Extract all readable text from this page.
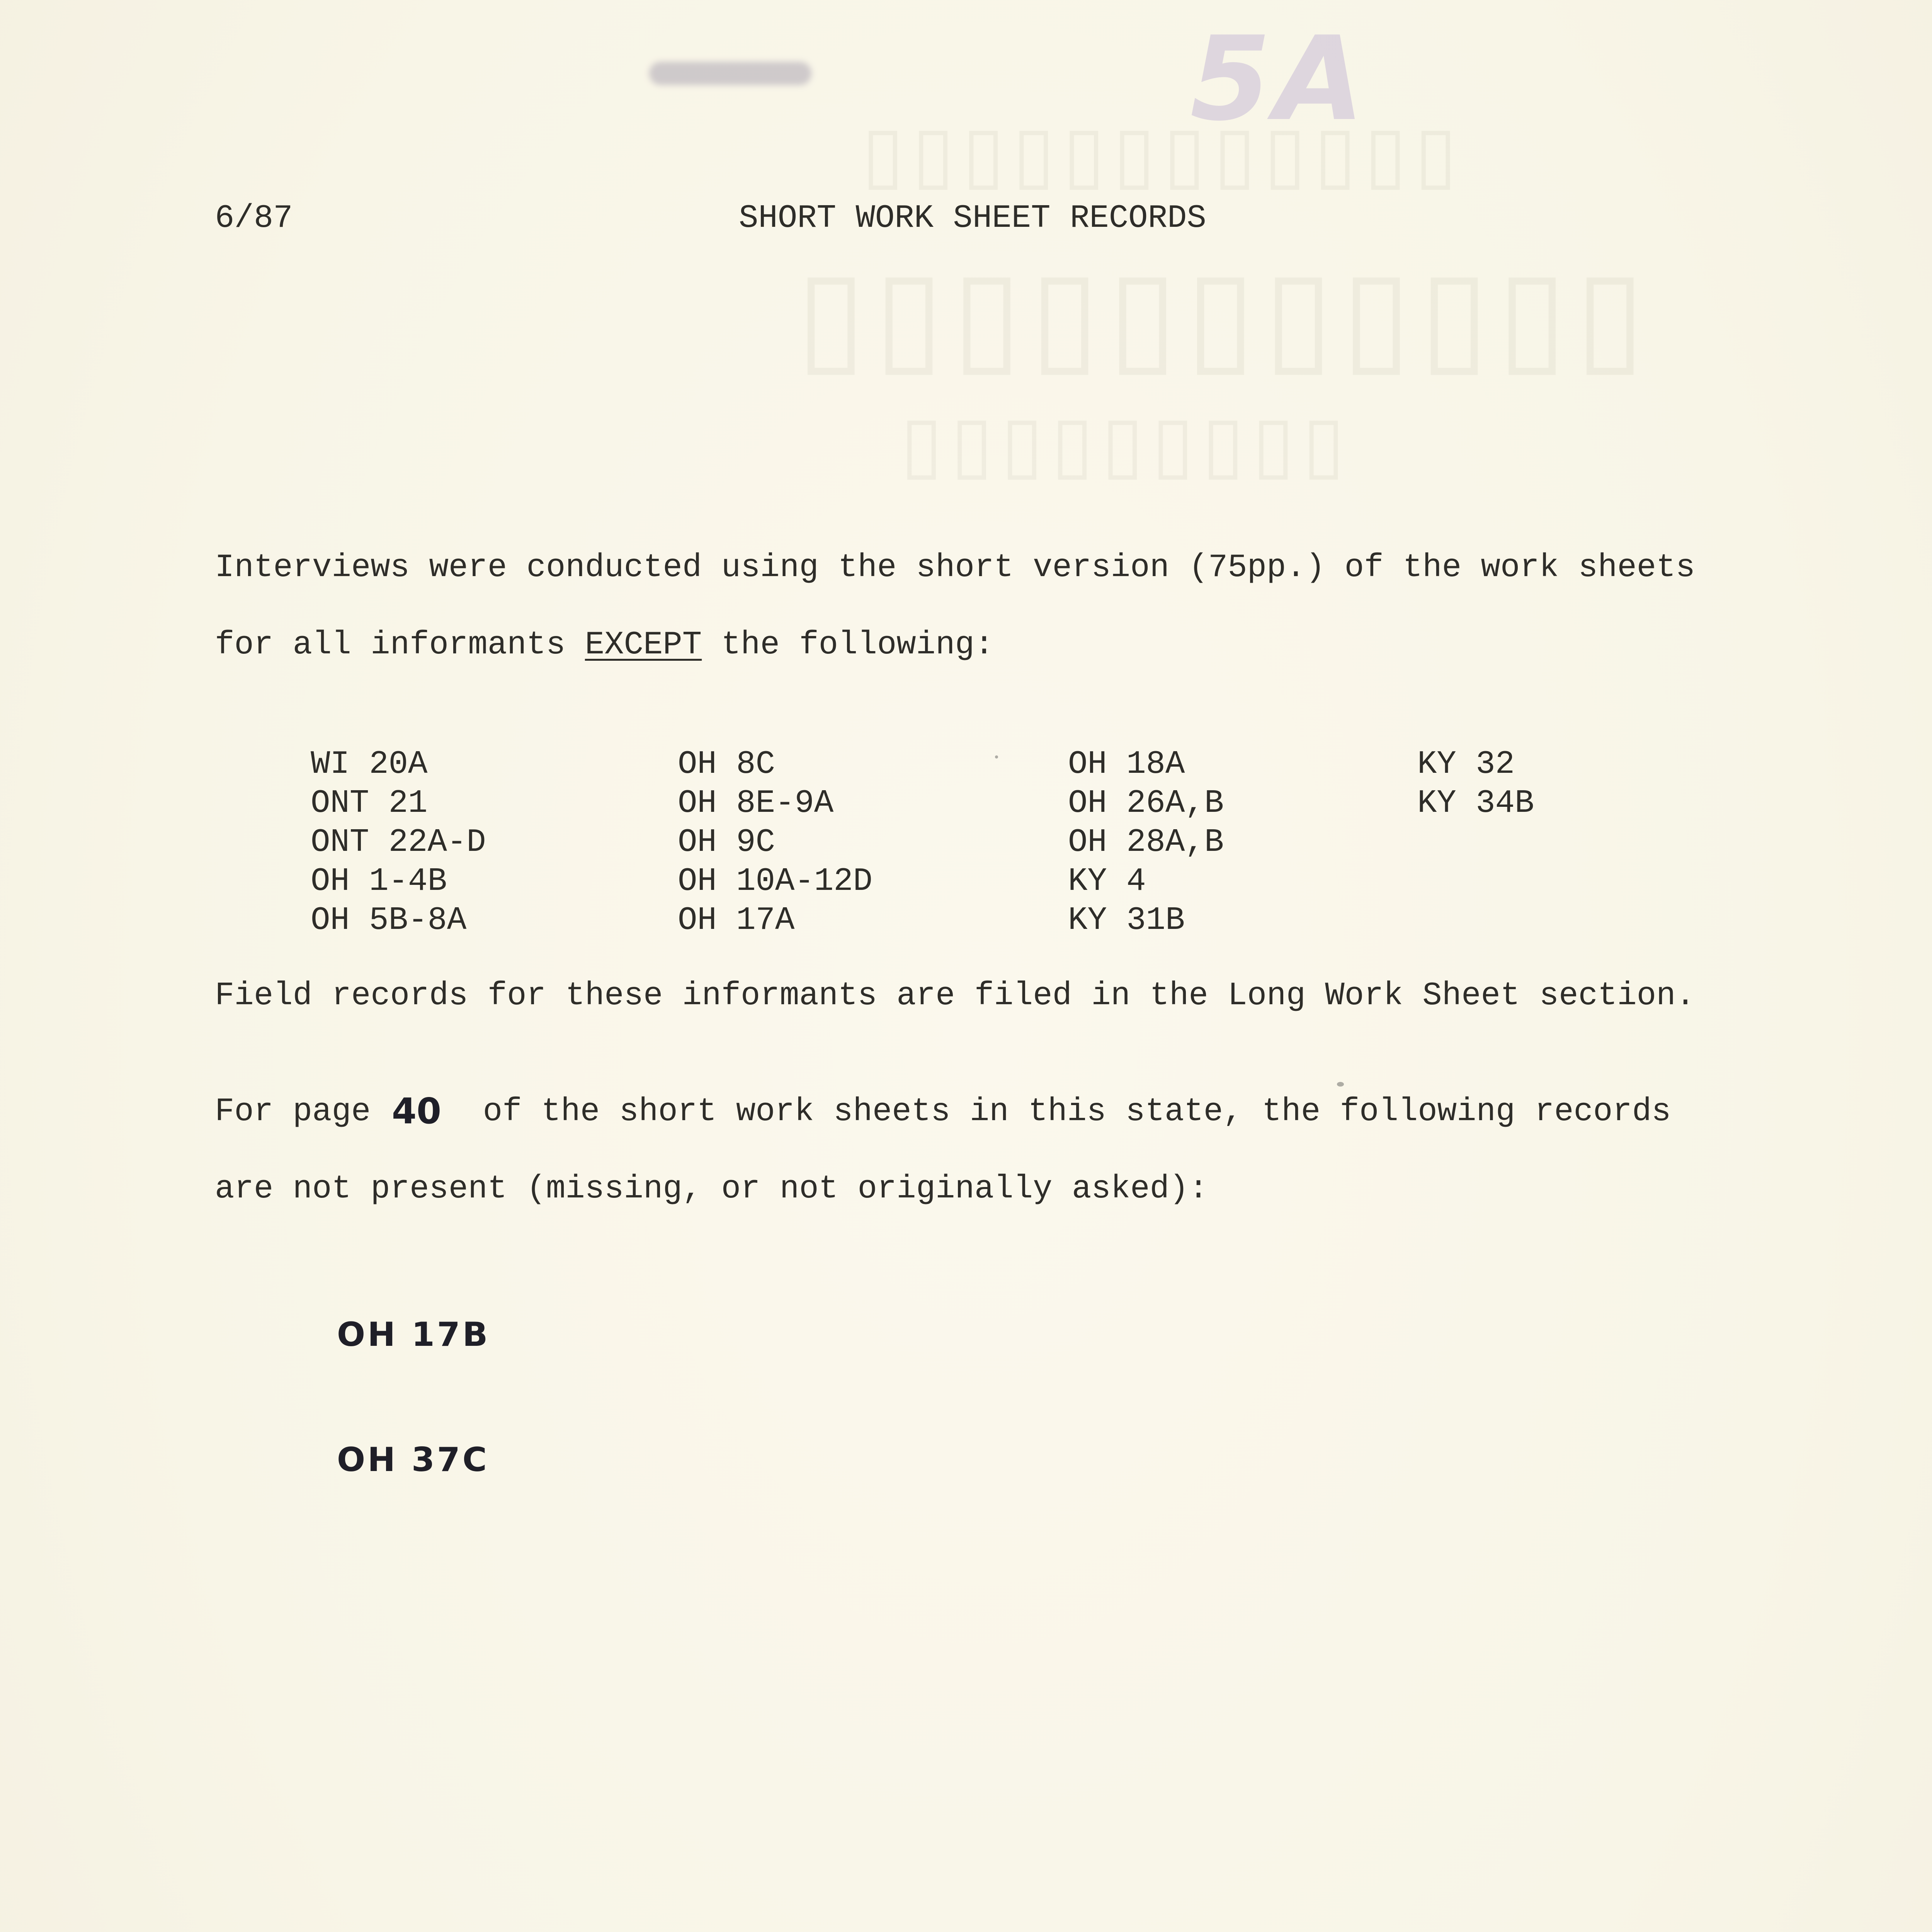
▯▯▯▯▯▯▯▯▯▯▯▯
▯▯▯▯▯▯▯▯▯▯▯
▯▯▯▯▯▯▯▯▯
5A
6/87	SHORT WORK SHEET RECORDS
Interviews were conducted using the short version (75pp.) of the work sheets
for all informants EXCEPT the following:
WI 20A
ONT 21
ONT 22A-D
OH 1-4B
OH 5B-8A
OH 8C
OH 8E-9A
OH 9C
OH 10A-12D
OH 17A
OH 18A
OH 26A,B
OH 28A,B
KY 4
KY 31B
KY 32
KY 34B
Field records for these informants are filed in the Long Work Sheet section.
For page	of the short work sheets in this state, the following records
40
are not present (missing, or not originally asked):
OH 17B
OH 37C
